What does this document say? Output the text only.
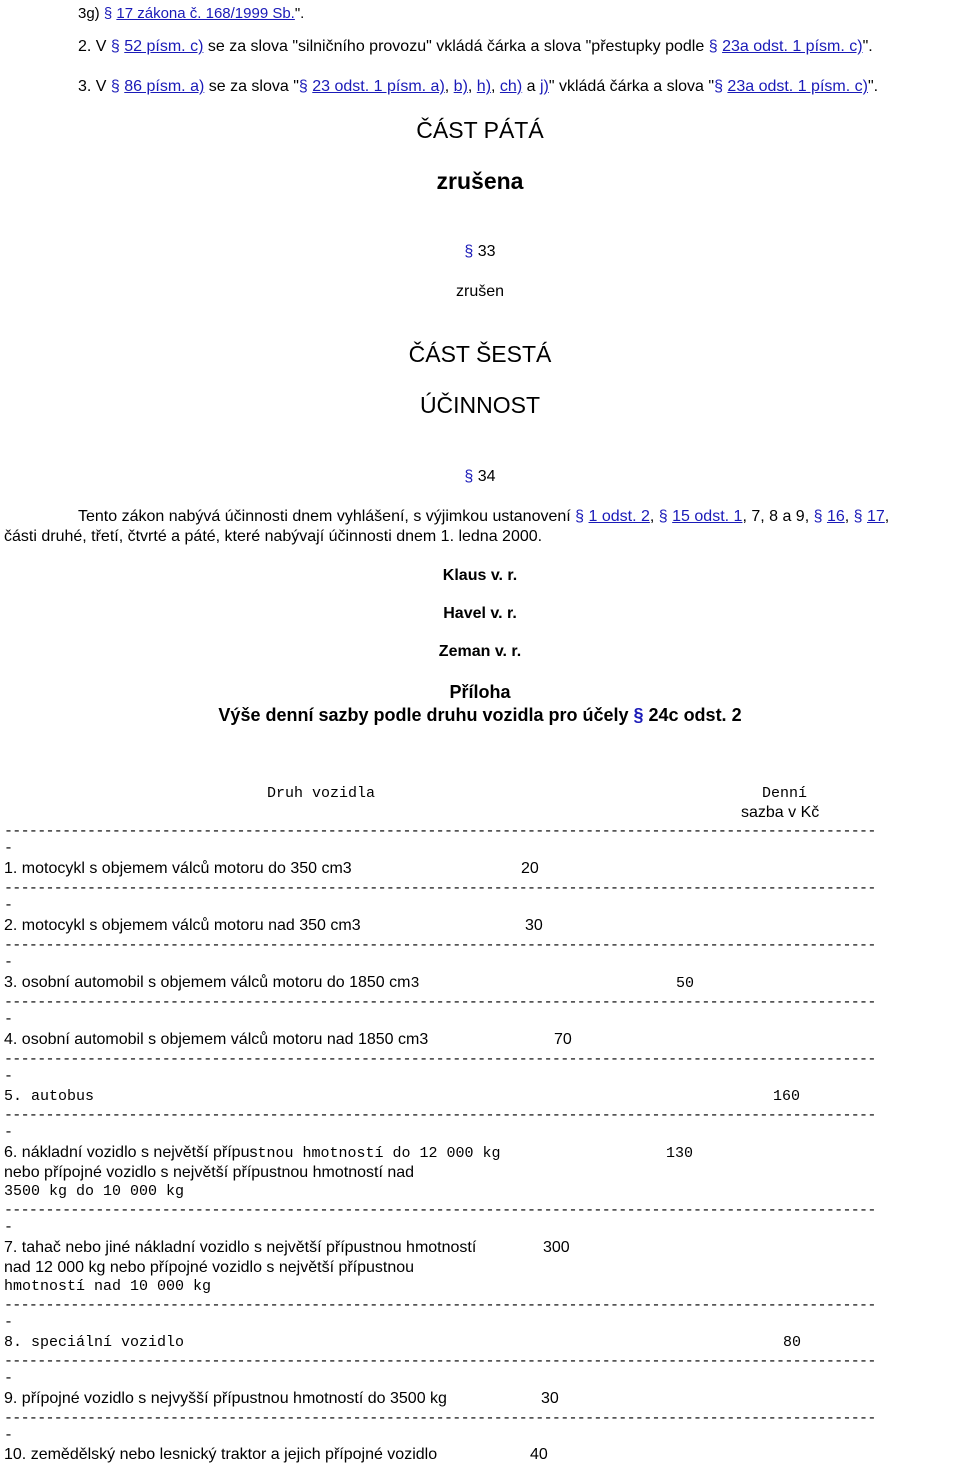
3g) § 17 zákona č. 168/1999 Sb.".
2. V § 52 písm. c) se za slova "silničního provozu" vkládá čárka a slova "přestupky podle § 23a odst. 1 písm. c)".
3. V § 86 písm. a) se za slova "§ 23 odst. 1 písm. a), b), h), ch) a j)" vkládá čárka a slova "§ 23a odst. 1 písm. c)".
ČÁST PÁTÁ
zrušena
§ 33
zrušen
ČÁST ŠESTÁ
ÚČINNOST
§ 34
Tento zákon nabývá účinnosti dnem vyhlášení, s výjimkou ustanovení § 1 odst. 2, § 15 odst. 1, 7, 8 a 9, § 16, § 17,
části druhé, třetí, čtvrté a páté, které nabývají účinnosti dnem 1. ledna 2000.
Klaus v. r.
Havel v. r.
Zeman v. r.
Příloha
Výše denní sazby podle druhu vozidla pro účely § 24c odst. 2
Druh vozidla	Denní
sazba v Kč
---------------------------------------------------------------------------------------------------------
-
1. motocykl s objemem válců motoru do 350 cm3	20
---------------------------------------------------------------------------------------------------------
-
2. motocykl s objemem válců motoru nad 350 cm3	30
---------------------------------------------------------------------------------------------------------
-
3. osobní automobil s objemem válců motoru do 1850 cm3	50
---------------------------------------------------------------------------------------------------------
-
4. osobní automobil s objemem válců motoru nad 1850 cm3	70
---------------------------------------------------------------------------------------------------------
-
5. autobus	160
---------------------------------------------------------------------------------------------------------
-
6. nákladní vozidlo s největší přípustnou hmotností do 12 000 kg	130
nebo přípojné vozidlo s největší přípustnou hmotností nad
3500 kg do 10 000 kg
---------------------------------------------------------------------------------------------------------
-
7. tahač nebo jiné nákladní vozidlo s největší přípustnou hmotností	300
nad 12 000 kg nebo přípojné vozidlo s největší přípustnou
hmotností nad 10 000 kg
---------------------------------------------------------------------------------------------------------
-
8. speciální vozidlo	80
---------------------------------------------------------------------------------------------------------
-
9. přípojné vozidlo s nejvyšší přípustnou hmotností do 3500 kg	30
---------------------------------------------------------------------------------------------------------
-
10. zemědělský nebo lesnický traktor a jejich přípojné vozidlo	40
